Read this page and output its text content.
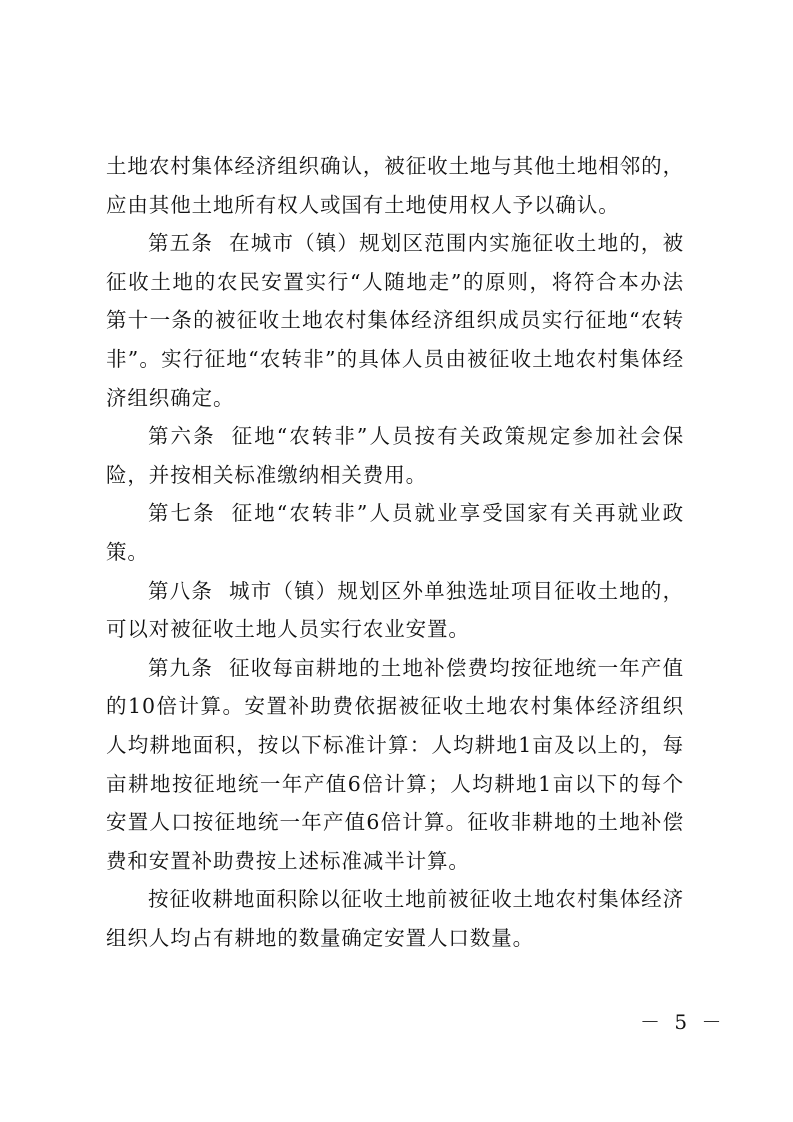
土地农村集体经济组织确认，被征收土地与其他土地相邻的，应由其他土地所有权人或国有土地使用权人予以确认。

第五条 在城市（镇）规划区范围内实施征收土地的，被征收土地的农民安置实行“人随地走”的原则，将符合本办法第十一条的被征收土地农村集体经济组织成员实行征地“农转非”。实行征地“农转非”的具体人员由被征收土地农村集体经济组织确定。

第六条 征地“农转非”人员按有关政策规定参加社会保险，并按相关标准缴纳相关费用。

第七条 征地“农转非”人员就业享受国家有关再就业政策。

第八条 城市（镇）规划区外单独选址项目征收土地的，可以对被征收土地人员实行农业安置。

第九条 征收每亩耕地的土地补偿费均按征地统一年产值的10倍计算。安置补助费依据被征收土地农村集体经济组织人均耕地面积，按以下标准计算：人均耕地1亩及以上的，每亩耕地按征地统一年产值6倍计算；人均耕地1亩以下的每个安置人口按征地统一年产值6倍计算。征收非耕地的土地补偿费和安置补助费按上述标准减半计算。

按征收耕地面积除以征收土地前被征收土地农村集体经济组织人均占有耕地的数量确定安置人口数量。

－ 5 －
